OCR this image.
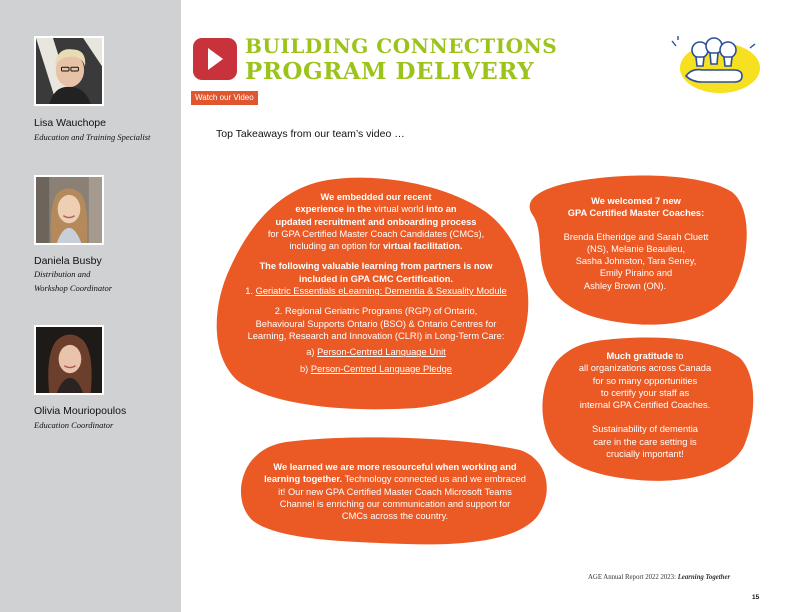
Lisa Wauchope
Education and Training Specialist
Daniela Busby
Distribution and
Workshop Coordinator
Olivia Mouriopoulos
Education Coordinator
BUILDING CONNECTIONS
PROGRAM DELIVERY
Watch our Video
Top Takeaways from our team’s video …
We embedded our recent
experience in the virtual world into an
updated recruitment and onboarding process
for GPA Certified Master Coach Candidates (CMCs),
including an option for virtual facilitation.
The following valuable learning from partners is now
included in GPA CMC Certification.
1. Geriatric Essentials eLearning: Dementia & Sexuality Module
2. Regional Geriatric Programs (RGP) of Ontario,
Behavioural Supports Ontario (BSO) & Ontario Centres for
Learning, Research and Innovation (CLRI) in Long-Term Care:
a) Person-Centred Language Unit
b) Person-Centred Language Pledge
We welcomed 7 new
GPA Certified Master Coaches:
Brenda Etheridge and Sarah Cluett
(NS), Melanie Beaulieu,
Sasha Johnston, Tara Seney,
Emily Piraino and
Ashley Brown (ON).
Much gratitude to
all organizations across Canada
for so many opportunities
to certify your staff as
internal GPA Certified Coaches.
Sustainability of dementia
care in the care setting is
crucially important!
We learned we are more resourceful when working and
learning together. Technology connected us and we embraced
it! Our new GPA Certified Master Coach Microsoft Teams
Channel is enriching our communication and support for
CMCs across the country.
AGE Annual Report 2022 2023: Learning Together
15
